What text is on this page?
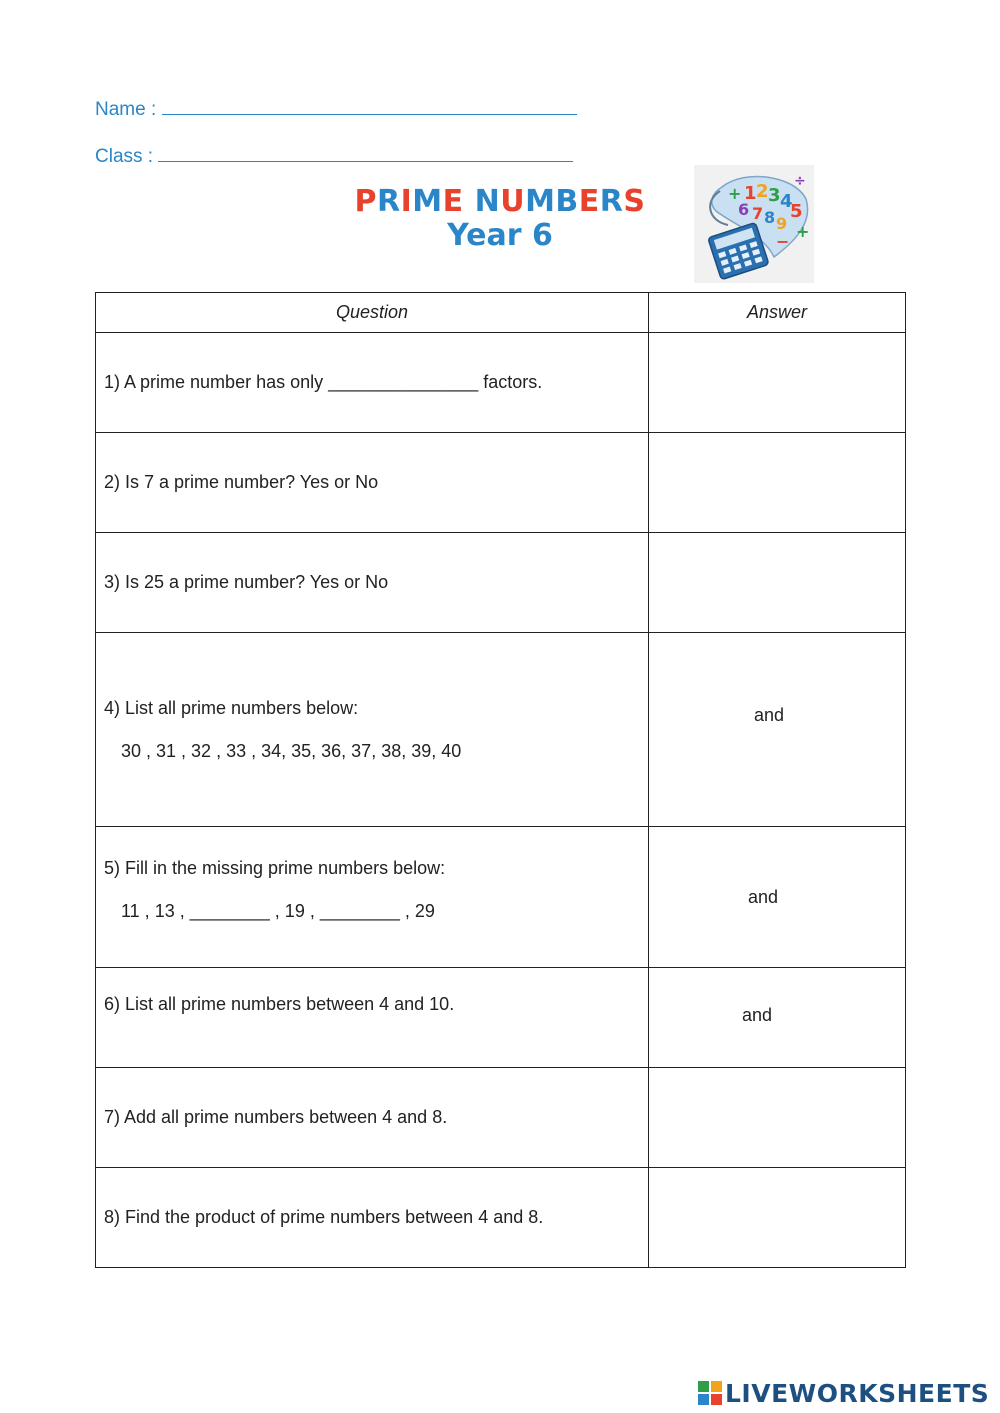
Name :
Class :
PRIME NUMBERS
Year 6
1 2 3 4
5
6 7 8 9
+
+
÷
−
Question	Answer

1) A prime number has only _______________ factors.	

2) Is 7 a prime number? Yes or No	

3) Is 25 a prime number? Yes or No	

4) List all prime numbers below:
30 , 31 , 32 , 33 , 34, 35, 36, 37, 38, 39, 40	and

5) Fill in the missing prime numbers below:
11 , 13 , ________ , 19 , ________ , 29	and

6) List all prime numbers between 4 and 10.	and

7) Add all prime numbers between 4 and 8.	

8) Find the product of prime numbers between 4 and 8.	

LIVEWORKSHEETS
